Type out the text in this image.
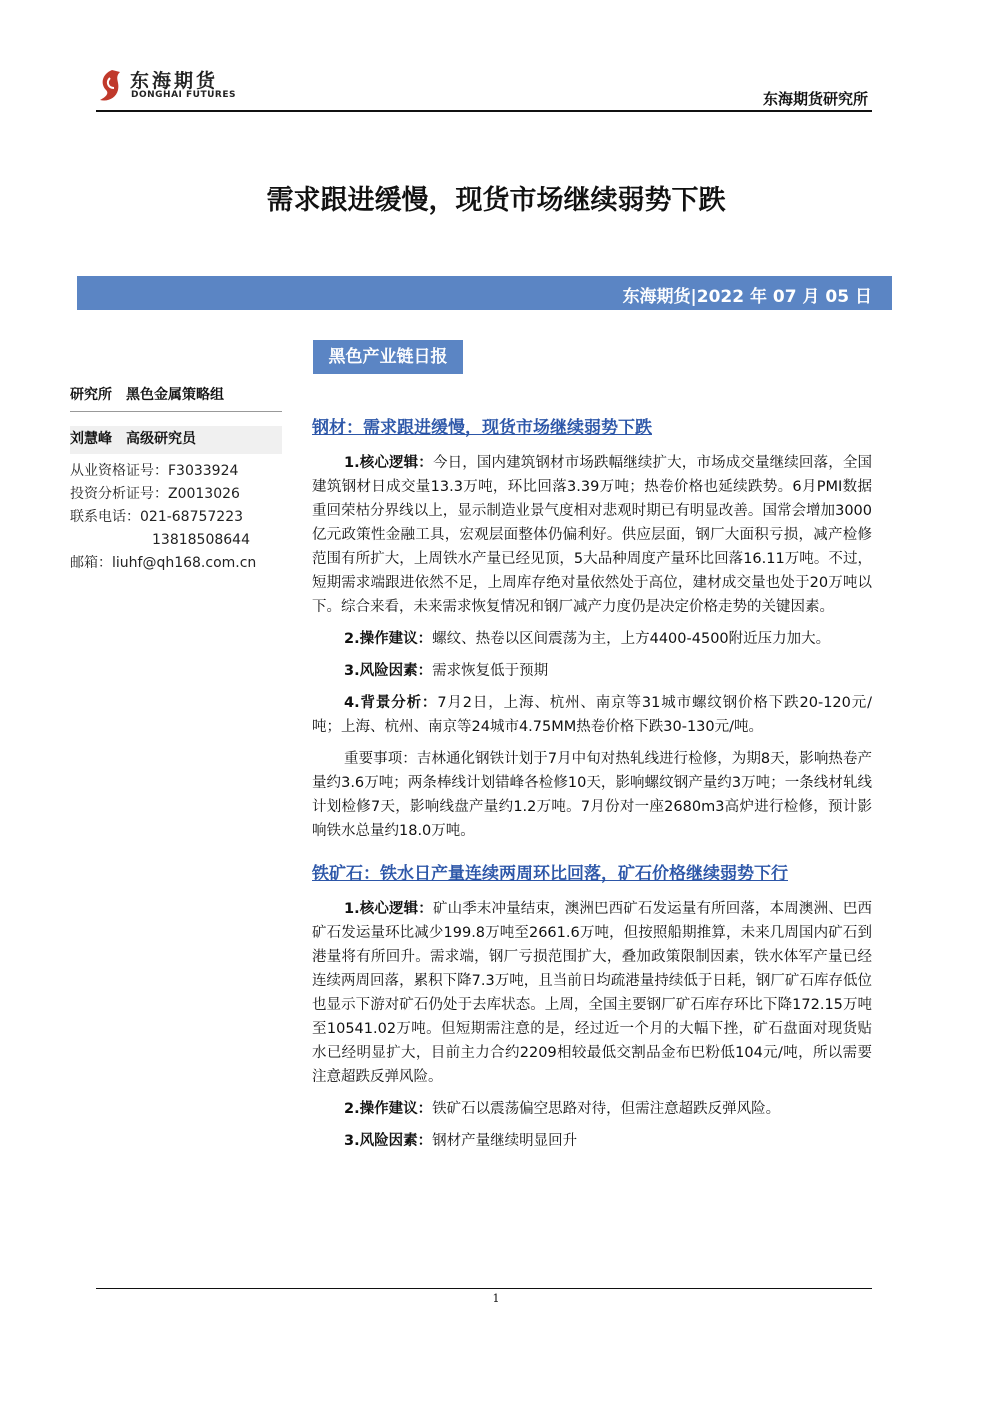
东海期货
DONGHAI FUTURES	东海期货研究所
需求跟进缓慢，现货市场继续弱势下跌
东海期货|2022 年 07 月 05 日
黑色产业链日报
研究所　黑色金属策略组
刘慧峰　高级研究员
从业资格证号：F3033924
投资分析证号：Z0013026
联系电话：021-68757223
13818508644
邮箱：liuhf@qh168.com.cn
钢材：需求跟进缓慢，现货市场继续弱势下跌

1.核心逻辑：今日，国内建筑钢材市场跌幅继续扩大，市场成交量继续回落，全国建筑钢材日成交量13.3万吨，环比回落3.39万吨；热卷价格也延续跌势。6月PMI数据重回荣枯分界线以上，显示制造业景气度相对悲观时期已有明显改善。国常会增加3000亿元政策性金融工具，宏观层面整体仍偏利好。供应层面，钢厂大面积亏损，减产检修范围有所扩大，上周铁水产量已经见顶，5大品种周度产量环比回落16.11万吨。不过，短期需求端跟进依然不足，上周库存绝对量依然处于高位，建材成交量也处于20万吨以下。综合来看，未来需求恢复情况和钢厂减产力度仍是决定价格走势的关键因素。

2.操作建议：螺纹、热卷以区间震荡为主，上方4400-4500附近压力加大。

3.风险因素：需求恢复低于预期

4.背景分析：7月2日，上海、杭州、南京等31城市螺纹钢价格下跌20-120元/吨；上海、杭州、南京等24城市4.75MM热卷价格下跌30-130元/吨。

重要事项：吉林通化钢铁计划于7月中旬对热轧线进行检修，为期8天，影响热卷产量约3.6万吨；两条棒线计划错峰各检修10天，影响螺纹钢产量约3万吨；一条线材轧线计划检修7天，影响线盘产量约1.2万吨。7月份对一座2680m3高炉进行检修，预计影响铁水总量约18.0万吨。

铁矿石：铁水日产量连续两周环比回落，矿石价格继续弱势下行

1.核心逻辑：矿山季末冲量结束，澳洲巴西矿石发运量有所回落，本周澳洲、巴西矿石发运量环比减少199.8万吨至2661.6万吨，但按照船期推算，未来几周国内矿石到港量将有所回升。需求端，钢厂亏损范围扩大，叠加政策限制因素，铁水体军产量已经连续两周回落，累积下降7.3万吨，且当前日均疏港量持续低于日耗，钢厂矿石库存低位也显示下游对矿石仍处于去库状态。上周，全国主要钢厂矿石库存环比下降172.15万吨至10541.02万吨。但短期需注意的是，经过近一个月的大幅下挫，矿石盘面对现货贴水已经明显扩大，目前主力合约2209相较最低交割品金布巴粉低104元/吨，所以需要注意超跌反弹风险。

2.操作建议：铁矿石以震荡偏空思路对待，但需注意超跌反弹风险。

3.风险因素：钢材产量继续明显回升

1
